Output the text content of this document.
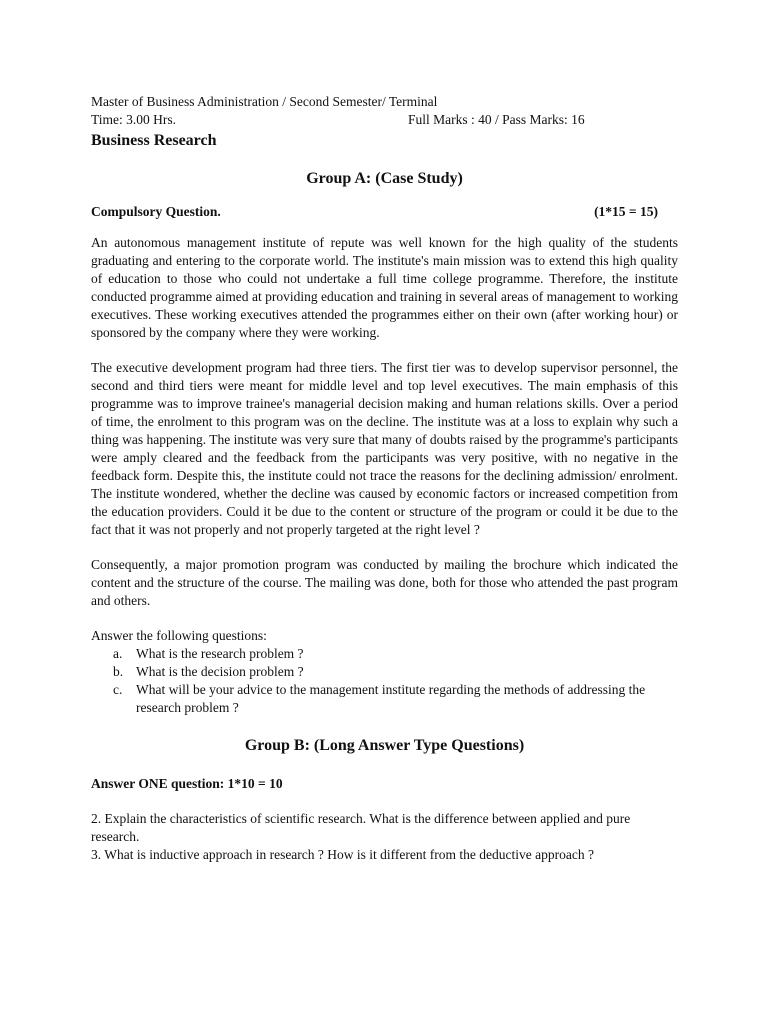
Master of Business Administration / Second Semester/ Terminal

Time: 3.00 Hrs.	Full Marks : 40 / Pass Marks: 16

Business Research

Group A: (Case Study)
Compulsory Question.	(1*15 = 15)

An autonomous management institute of repute was well known for the high quality of the students graduating and entering to the corporate world. The institute's main mission was to extend this high quality of education to those who could not undertake a full time college programme. Therefore, the institute conducted programme aimed at providing education and training in several areas of management to working executives. These working executives attended the programmes either on their own (after working hour) or sponsored by the company where they were working.

The executive development program had three tiers. The first tier was to develop supervisor personnel, the second and third tiers were meant for middle level and top level executives. The main emphasis of this programme was to improve trainee's managerial decision making and human relations skills. Over a period of time, the enrolment to this program was on the decline. The institute was at a loss to explain why such a thing was happening. The institute was very sure that many of doubts raised by the programme's participants were amply cleared and the feedback from the participants was very positive, with no negative in the feedback form. Despite this, the institute could not trace the reasons for the declining admission/ enrolment. The institute wondered, whether the decline was caused by economic factors or increased competition from the education providers. Could it be due to the content or structure of the program or could it be due to the fact that it was not properly and not properly targeted at the right level ?

Consequently, a major promotion program was conducted by mailing the brochure which indicated the content and the structure of the course. The mailing was done, both for those who attended the past program and others.

Answer the following questions:

a. What is the research problem ?
b. What is the decision problem ?
c. What will be your advice to the management institute regarding the methods of addressing the research problem ?
Group B: (Long Answer Type Questions)

Answer ONE question: 1*10 = 10

2. Explain the characteristics of scientific research. What is the difference between applied and pure research.

3. What is inductive approach in research ? How is it different from the deductive approach ?
